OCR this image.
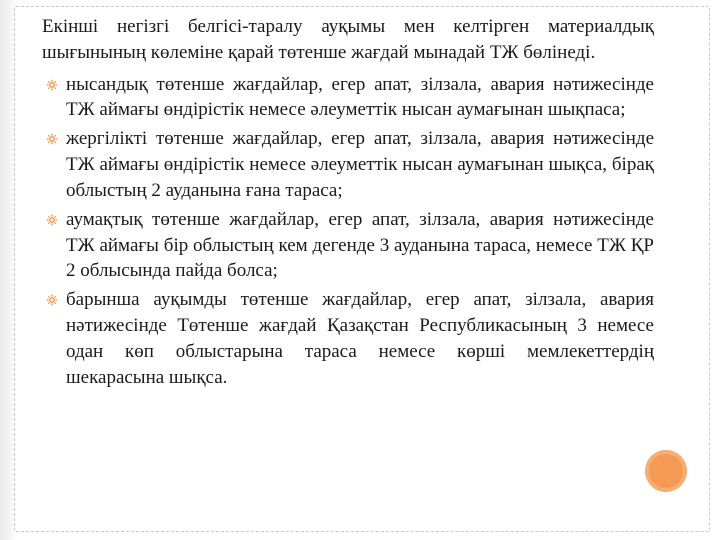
Екінші негізгі белгісі-таралу ауқымы мен келтірген материалдық шығынының көлеміне қарай төтенше жағдай мынадай ТЖ бөлінеді.

нысандық төтенше жағдайлар, егер апат, зілзала, авария нәтижесінде ТЖ аймағы өндірістік немесе әлеуметтік нысан аумағынан шықпаса;
жергілікті төтенше жағдайлар, егер апат, зілзала, авария нәтижесінде ТЖ аймағы өндірістік немесе әлеуметтік нысан аумағынан шықса, бірақ облыстың 2 ауданына ғана тараса;
аумақтық төтенше жағдайлар, егер апат, зілзала, авария нәтижесінде ТЖ аймағы бір облыстың кем дегенде 3 ауданына тараса, немесе ТЖ ҚР 2 облысында пайда болса;
барынша ауқымды төтенше жағдайлар, егер апат, зілзала, авария нәтижесінде Төтенше жағдай Қазақстан Республикасының 3 немесе одан көп облыстарына тараса немесе көрші мемлекеттердің шекарасына шықса.
